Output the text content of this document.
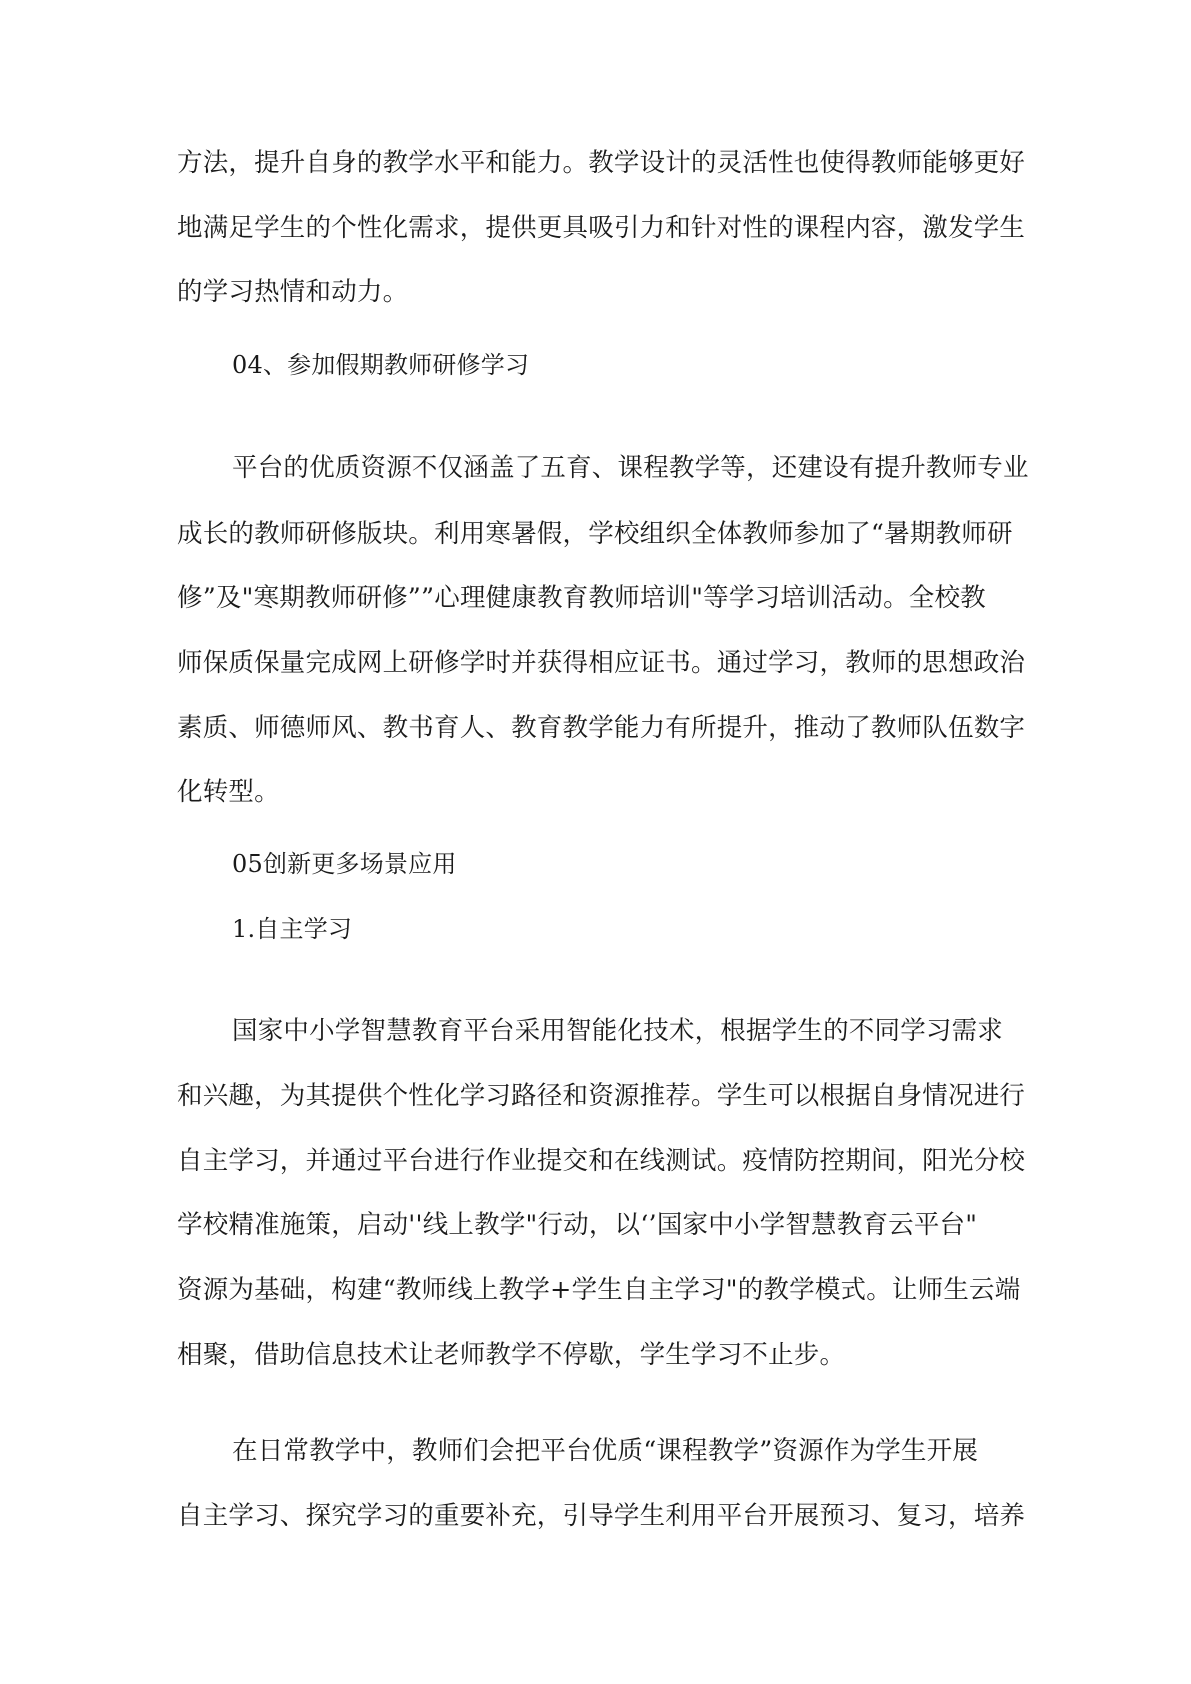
方法，提升自身的教学水平和能力。教学设计的灵活性也使得教师能够更好

地满足学生的个性化需求，提供更具吸引力和针对性的课程内容，激发学生

的学习热情和动力。

04、参加假期教师研修学习

平台的优质资源不仅涵盖了五育、课程教学等，还建设有提升教师专业

成长的教师研修版块。利用寒暑假，学校组织全体教师参加了“暑期教师研

修”及"寒期教师研修””心理健康教育教师培训"等学习培训活动。全校教

师保质保量完成网上研修学时并获得相应证书。通过学习，教师的思想政治

素质、师德师风、教书育人、教育教学能力有所提升，推动了教师队伍数字

化转型。

05创新更多场景应用

1.自主学习

国家中小学智慧教育平台采用智能化技术，根据学生的不同学习需求

和兴趣，为其提供个性化学习路径和资源推荐。学生可以根据自身情况进行

自主学习，并通过平台进行作业提交和在线测试。疫情防控期间，阳光分校

学校精准施策，启动''线上教学"行动，以‘’国家中小学智慧教育云平台"

资源为基础，构建“教师线上教学+学生自主学习"的教学模式。让师生云端

相聚，借助信息技术让老师教学不停歇，学生学习不止步。

在日常教学中，教师们会把平台优质“课程教学”资源作为学生开展

自主学习、探究学习的重要补充，引导学生利用平台开展预习、复习，培养
